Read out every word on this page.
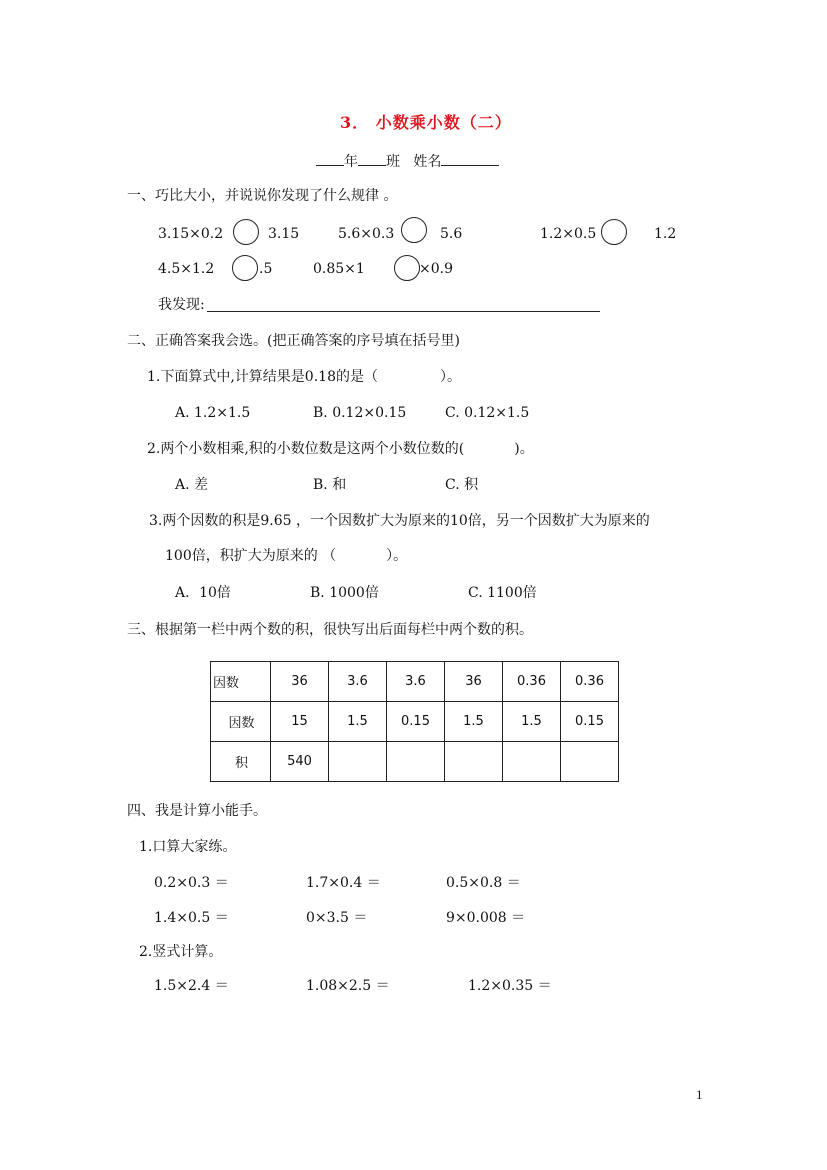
3． 小数乘小数（二）
年 班 姓名
一、巧比大小，并说说你发现了什么规律 。
3.15×0.2	3.15	5.6×0.3	5.6	1.2×0.5	1.2
4.5×1.2	.5	0.85×1	×0.9
我发现:
二、正确答案我会选。(把正确答案的序号填在括号里)
1.下面算式中,计算结果是0.18的是（	）。
A. 1.2×1.5	B. 0.12×0.15	C. 0.12×1.5
2.两个小数相乘,积的小数位数是这两个小数位数的(	)。
A. 差	B. 和	C. 积
3.两个因数的积是9.65 ，一个因数扩大为原来的10倍，另一个因数扩大为原来的
100倍，积扩大为原来的 （	）。
A．10倍	B. 1000倍	C. 1100倍
三、根据第一栏中两个数的积，很快写出后面每栏中两个数的积。
因数	36	3.6	3.6	36	0.36	0.36
因数	15	1.5	0.15	1.5	1.5	0.15
积	540					
四、我是计算小能手。
1.口算大家练。
0.2×0.3 ＝	1.7×0.4 ＝	0.5×0.8 ＝
1.4×0.5 ＝	0×3.5 ＝	9×0.008 ＝
2.竖式计算。
1.5×2.4 ＝	1.08×2.5 ＝	1.2×0.35 ＝
1
